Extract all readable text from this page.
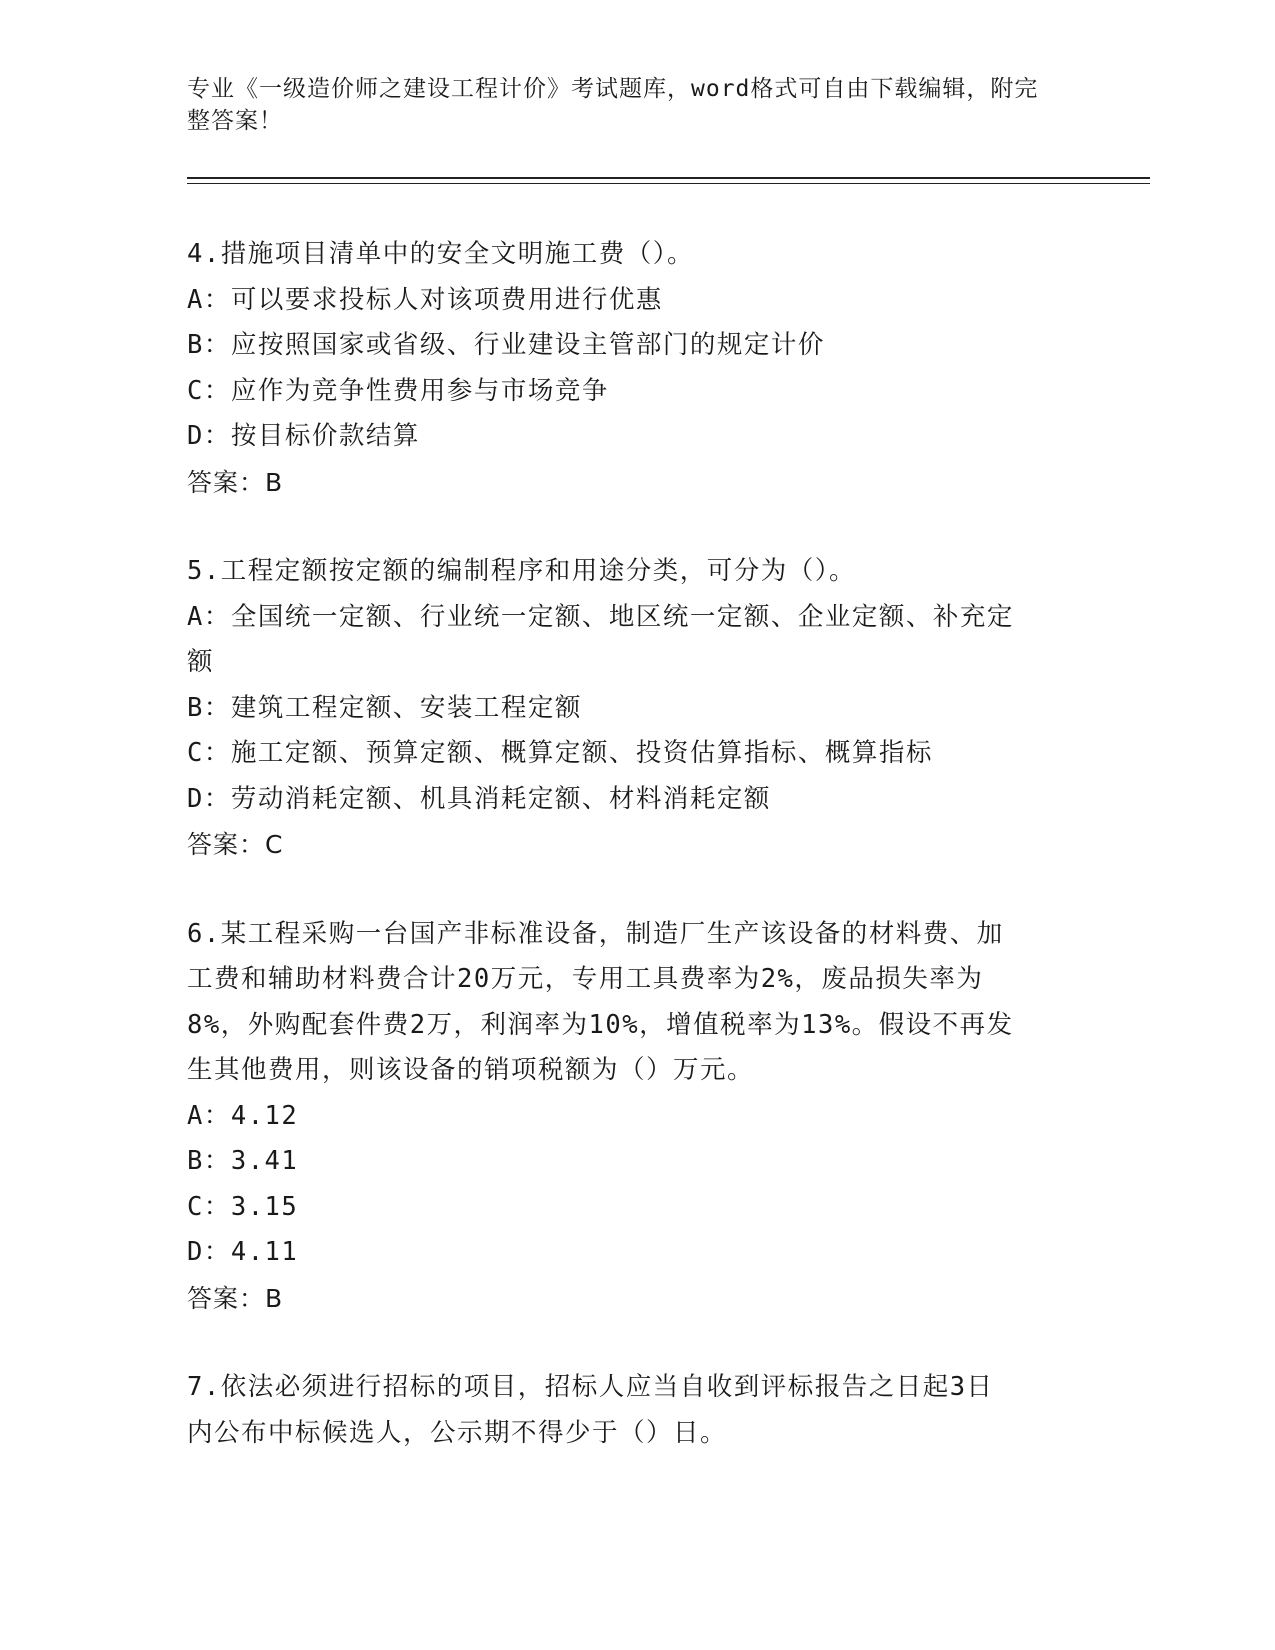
专业《一级造价师之建设工程计价》考试题库，word格式可自由下载编辑，附完
整答案！

4.措施项目清单中的安全文明施工费（）。

A：可以要求投标人对该项费用进行优惠

B：应按照国家或省级、行业建设主管部门的规定计价

C：应作为竞争性费用参与市场竞争

D：按目标价款结算

答案：B

5.工程定额按定额的编制程序和用途分类，可分为（）。

A：全国统一定额、行业统一定额、地区统一定额、企业定额、补充定

额

B：建筑工程定额、安装工程定额

C：施工定额、预算定额、概算定额、投资估算指标、概算指标

D：劳动消耗定额、机具消耗定额、材料消耗定额

答案：C

6.某工程采购一台国产非标准设备，制造厂生产该设备的材料费、加

工费和辅助材料费合计20万元，专用工具费率为2%，废品损失率为

8%，外购配套件费2万，利润率为10%，增值税率为13%。假设不再发

生其他费用，则该设备的销项税额为（）万元。

A：4.12

B：3.41

C：3.15

D：4.11

答案：B

7.依法必须进行招标的项目，招标人应当自收到评标报告之日起3日

内公布中标候选人，公示期不得少于（）日。
